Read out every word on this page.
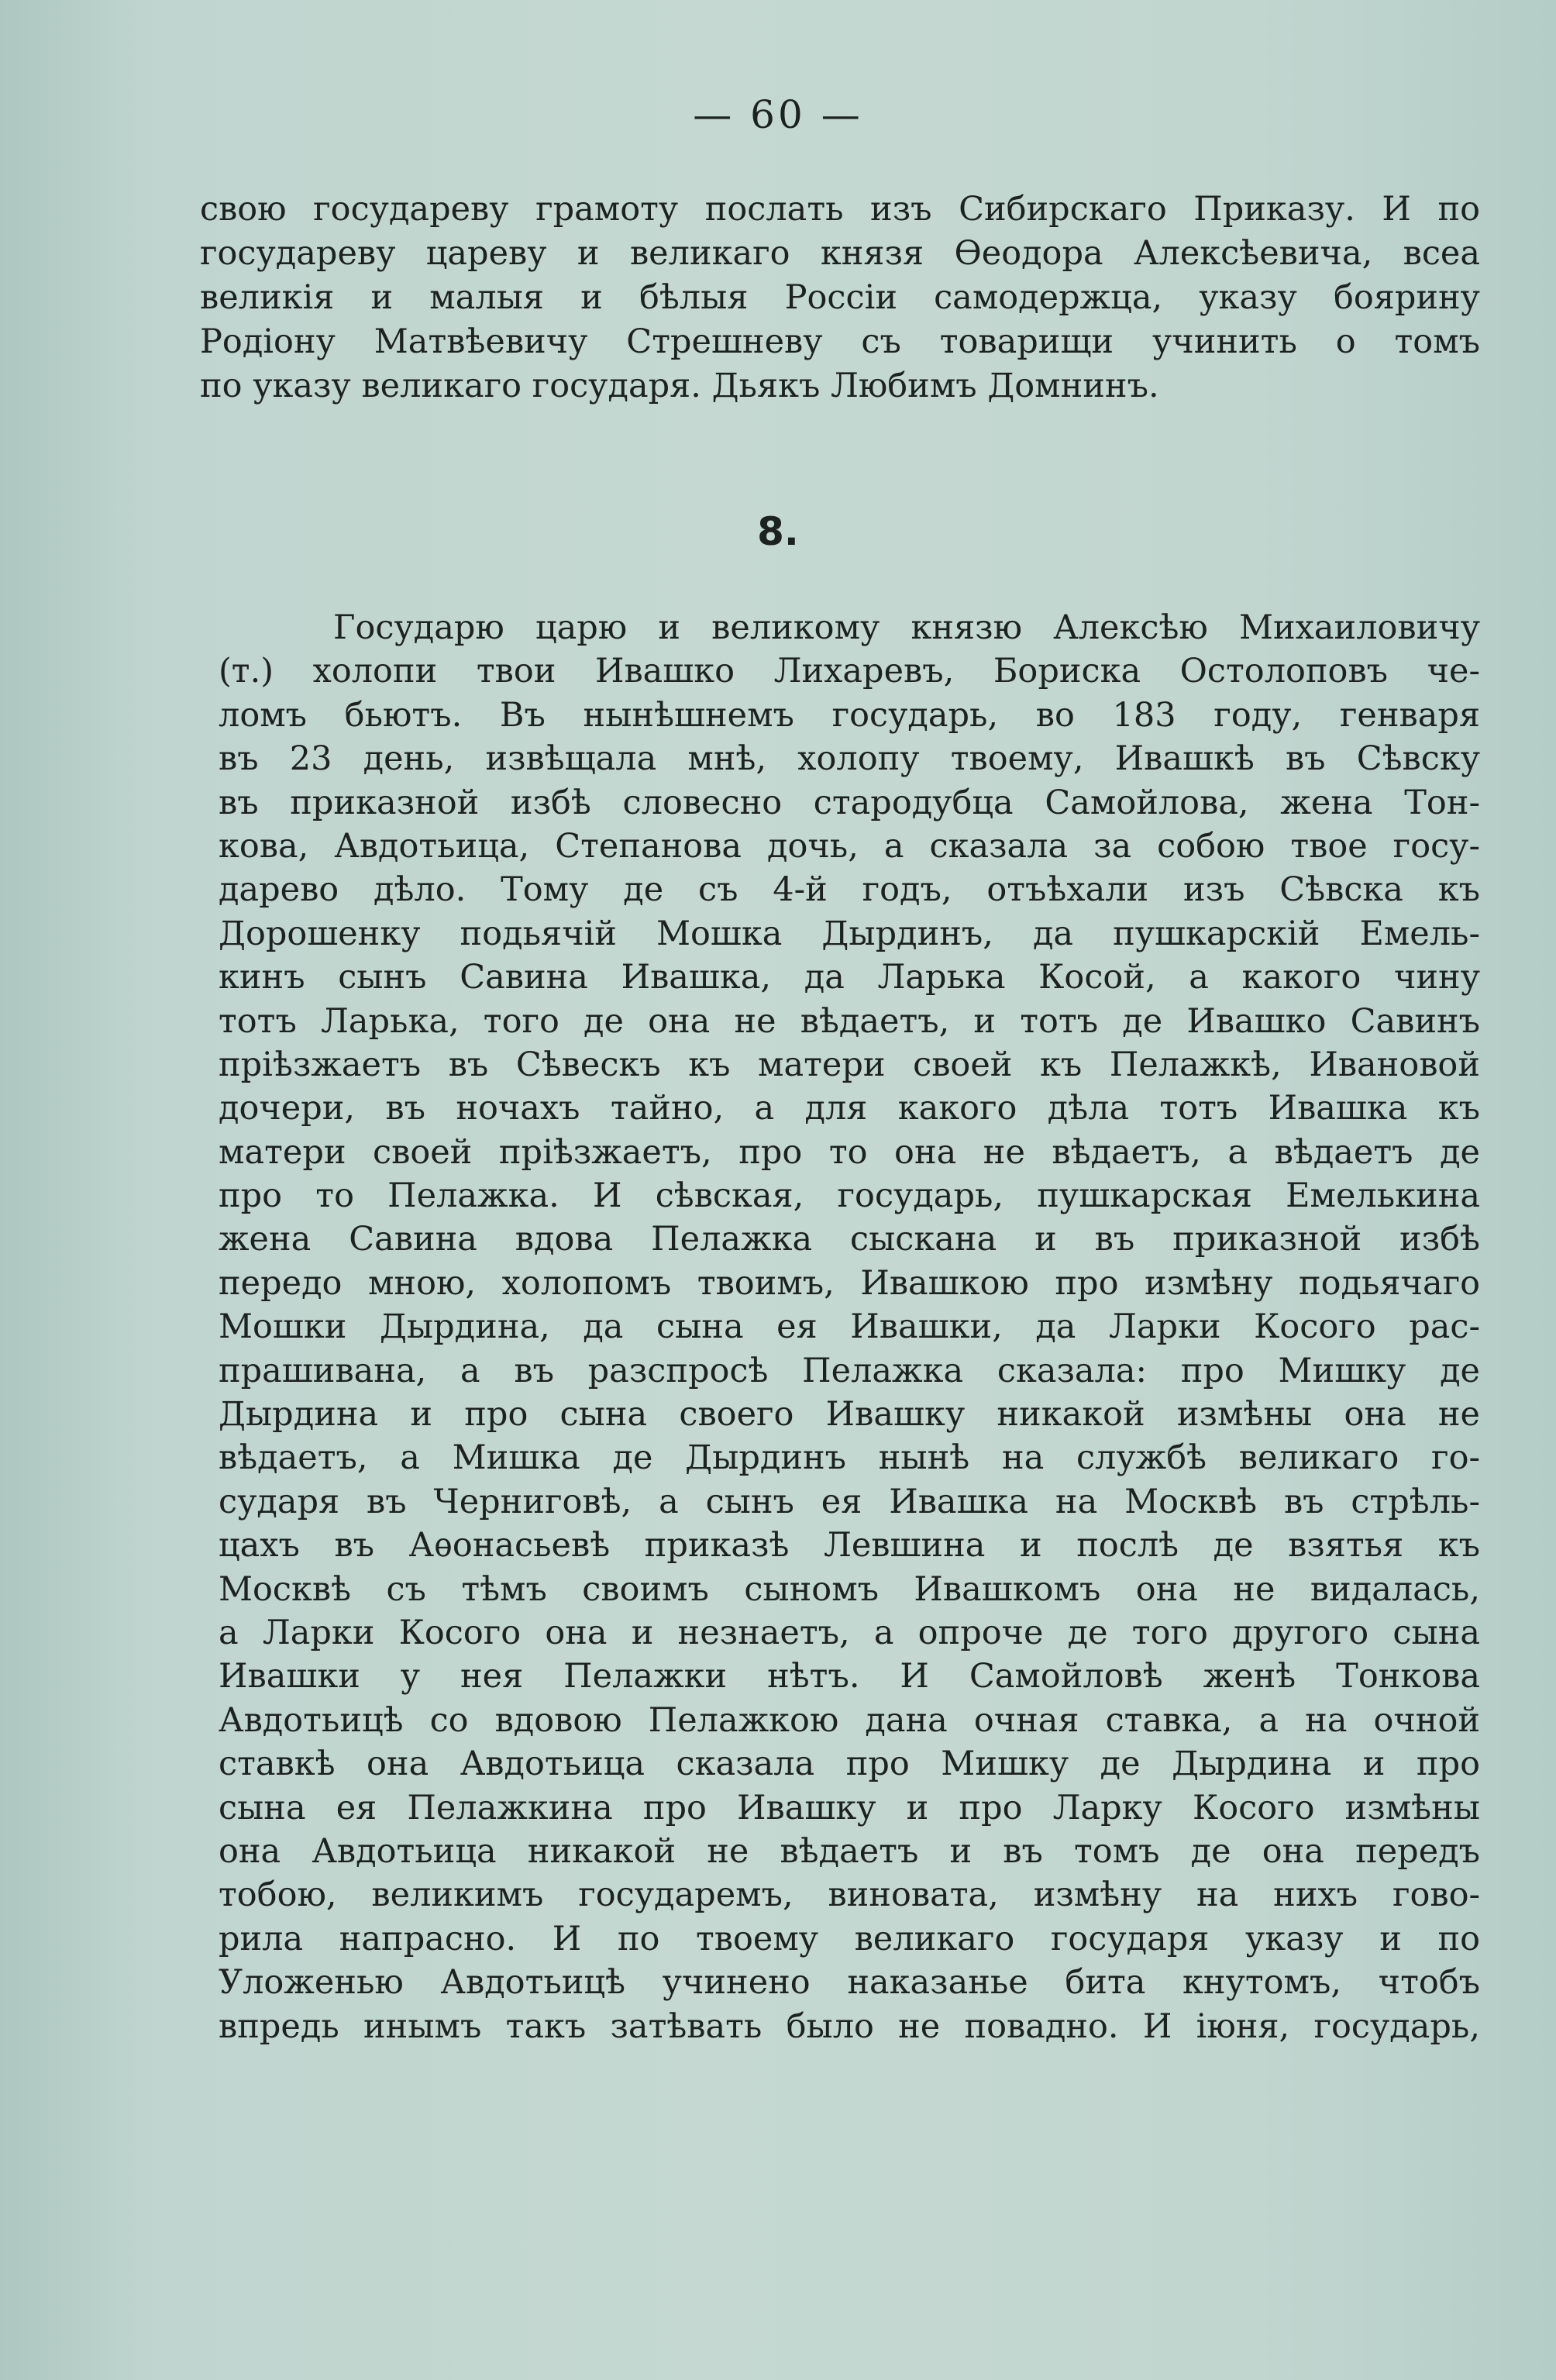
— 60 —
свою государеву грамоту послать изъ Сибирскаго Приказу. И по
государеву цареву и великаго князя Ѳеодора Алексѣевича, всеа
великія и малыя и бѣлыя Россіи самодержца, указу боярину
Родіону Матвѣевичу Стрешневу съ товарищи учинить о томъ
по указу великаго государя. Дьякъ Любимъ Домнинъ.
8.
Государю царю и великому князю Алексѣю Михаиловичу
(т.) холопи твои Ивашко Лихаревъ, Бориска Остолоповъ че-
ломъ бьютъ. Въ нынѣшнемъ государь, во 183 году, генваря
въ 23 день, извѣщала мнѣ, холопу твоему, Ивашкѣ въ Сѣвску
въ приказной избѣ словесно стародубца Самойлова, жена Тон-
кова, Авдотьица, Степанова дочь, а сказала за собою твое госу-
дарево дѣло. Тому де съ 4-й годъ, отъѣхали изъ Сѣвска къ
Дорошенку подьячій Мошка Дырдинъ, да пушкарскій Емель-
кинъ сынъ Савина Ивашка, да Ларька Косой, а какого чину
тотъ Ларька, того де она не вѣдаетъ, и тотъ де Ивашко Савинъ
пріѣзжаетъ въ Сѣвескъ къ матери своей къ Пелажкѣ, Ивановой
дочери, въ ночахъ тайно, а для какого дѣла тотъ Ивашка къ
матери своей пріѣзжаетъ, про то она не вѣдаетъ, а вѣдаетъ де
про то Пелажка. И сѣвская, государь, пушкарская Емелькина
жена Савина вдова Пелажка сыскана и въ приказной избѣ
передо мною, холопомъ твоимъ, Ивашкою про измѣну подьячаго
Мошки Дырдина, да сына ея Ивашки, да Ларки Косого рас-
прашивана, а въ разспросѣ Пелажка сказала: про Мишку де
Дырдина и про сына своего Ивашку никакой измѣны она не
вѣдаетъ, а Мишка де Дырдинъ нынѣ на службѣ великаго го-
сударя въ Черниговѣ, а сынъ ея Ивашка на Москвѣ въ стрѣль-
цахъ въ Аѳонасьевѣ приказѣ Левшина и послѣ де взятья къ
Москвѣ съ тѣмъ своимъ сыномъ Ивашкомъ она не видалась,
а Ларки Косого она и незнаетъ, а опроче де того другого сына
Ивашки у нея Пелажки нѣтъ. И Самойловѣ женѣ Тонкова
Авдотьицѣ со вдовою Пелажкою дана очная ставка, а на очной
ставкѣ она Авдотьица сказала про Мишку де Дырдина и про
сына ея Пелажкина про Ивашку и про Ларку Косого измѣны
она Авдотьица никакой не вѣдаетъ и въ томъ де она передъ
тобою, великимъ государемъ, виновата, измѣну на нихъ гово-
рила напрасно. И по твоему великаго государя указу и по
Уложенью Авдотьицѣ учинено наказанье бита кнутомъ, чтобъ
впредь инымъ такъ затѣвать было не повадно. И іюня, государь,
